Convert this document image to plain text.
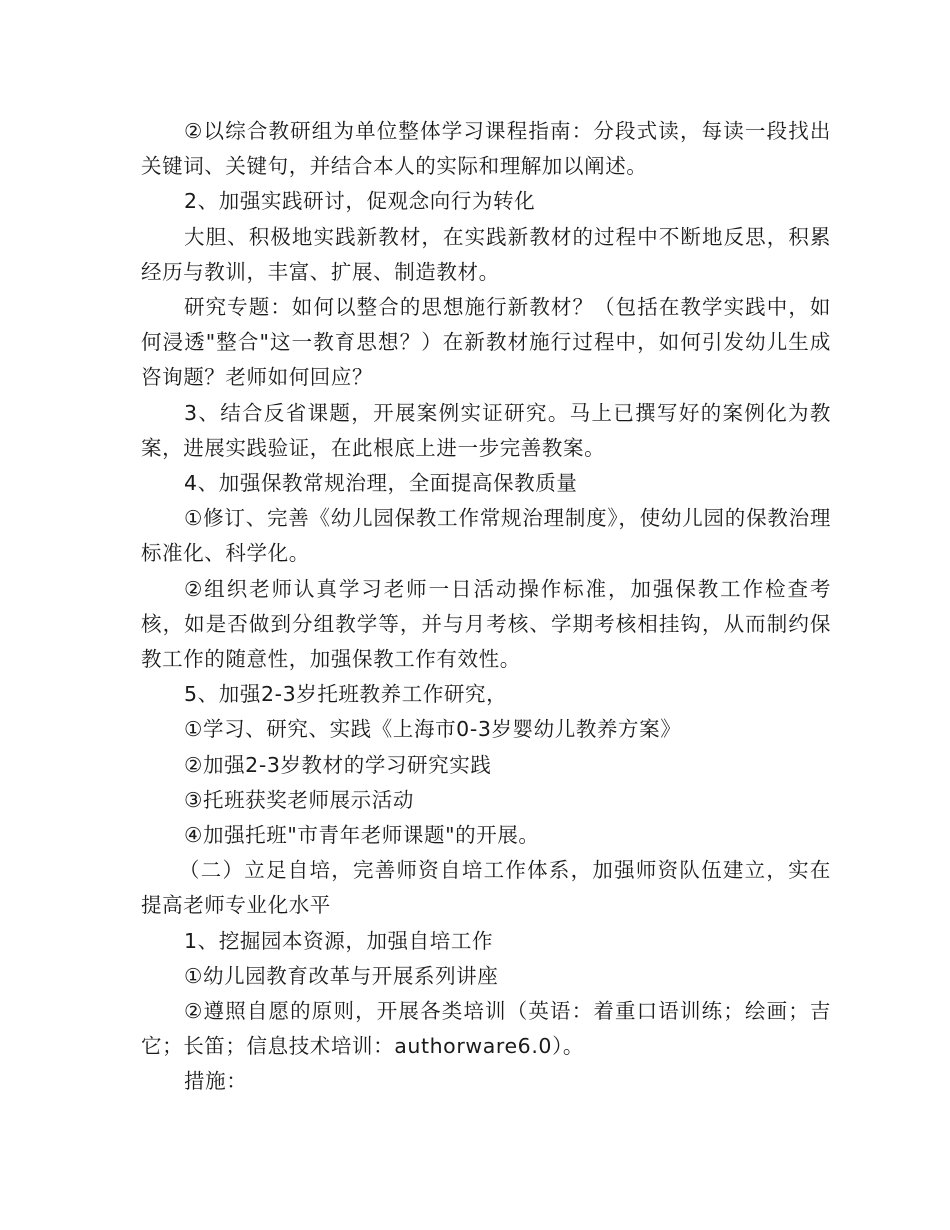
②以综合教研组为单位整体学习课程指南：分段式读，每读一段找出关键词、关键句，并结合本人的实际和理解加以阐述。

2、加强实践研讨，促观念向行为转化

大胆、积极地实践新教材，在实践新教材的过程中不断地反思，积累经历与教训，丰富、扩展、制造教材。

研究专题：如何以整合的思想施行新教材？（包括在教学实践中，如何浸透"整合"这一教育思想？）在新教材施行过程中，如何引发幼儿生成咨询题？老师如何回应？

3、结合反省课题，开展案例实证研究。马上已撰写好的案例化为教案，进展实践验证，在此根底上进一步完善教案。

4、加强保教常规治理，全面提高保教质量

①修订、完善《幼儿园保教工作常规治理制度》，使幼儿园的保教治理标准化、科学化。

②组织老师认真学习老师一日活动操作标准，加强保教工作检查考核，如是否做到分组教学等，并与月考核、学期考核相挂钩，从而制约保教工作的随意性，加强保教工作有效性。

5、加强2-3岁托班教养工作研究，

①学习、研究、实践《上海市0-3岁婴幼儿教养方案》

②加强2-3岁教材的学习研究实践

③托班获奖老师展示活动

④加强托班"市青年老师课题"的开展。

（二）立足自培，完善师资自培工作体系，加强师资队伍建立，实在提高老师专业化水平

1、挖掘园本资源，加强自培工作

①幼儿园教育改革与开展系列讲座

②遵照自愿的原则，开展各类培训（英语：着重口语训练；绘画；吉它；长笛；信息技术培训：authorware6.0）。

措施：
